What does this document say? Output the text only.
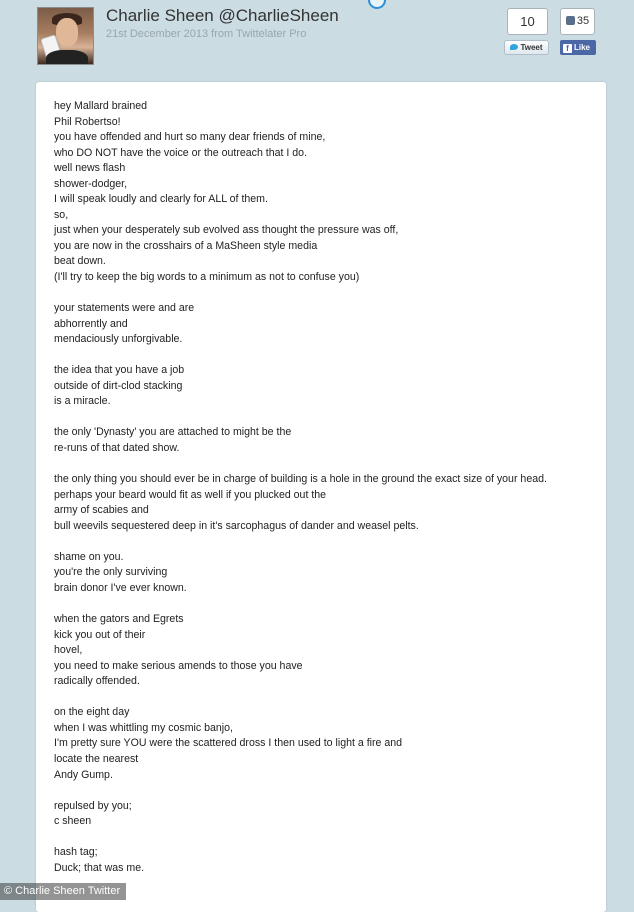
Charlie Sheen @CharlieSheen
21st December 2013 from Twittelater Pro
10	35
Tweet	f Like
hey Mallard brained
Phil Robertso!
you have offended and hurt so many dear friends of mine,
who DO NOT have the voice or the outreach that I do.
well news flash
shower-dodger,
I will speak loudly and clearly for ALL of them.
so,
just when your desperately sub evolved ass thought the pressure was off,
you are now in the crosshairs of a MaSheen style media
beat down.
(I'll try to keep the big words to a minimum as not to confuse you)
your statements were and are
abhorrently and
mendaciously unforgivable.
the idea that you have a job
outside of dirt-clod stacking
is a miracle.
the only 'Dynasty' you are attached to might be the
re-runs of that dated show.
the only thing you should ever be in charge of building is a hole in the ground the exact size of your head.
perhaps your beard would fit as well if you plucked out the
army of scabies and
bull weevils sequestered deep in it's sarcophagus of dander and weasel pelts.
shame on you.
you're the only surviving
brain donor I've ever known.
when the gators and Egrets
kick you out of their
hovel,
you need to make serious amends to those you have
radically offended.
on the eight day
when I was whittling my cosmic banjo,
I'm pretty sure YOU were the scattered dross I then used to light a fire and
locate the nearest
Andy Gump.
repulsed by you;
c sheen
hash tag;
Duck; that was me.
© Charlie Sheen Twitter
